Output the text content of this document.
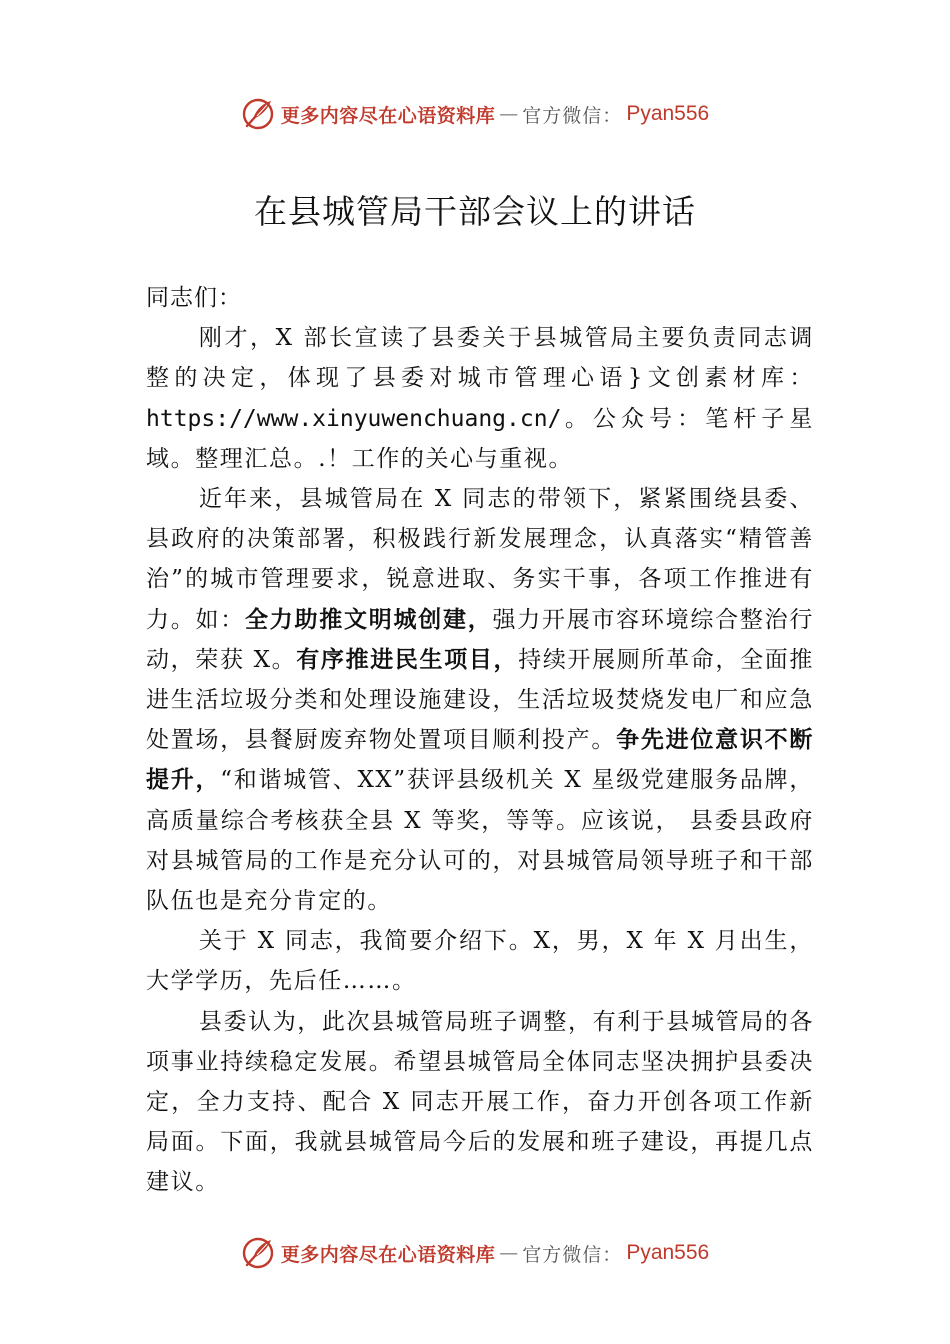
更多内容尽在心语资料库 — 官方微信： Pyan556
在县城管局干部会议上的讲话

同志们：

刚才，X 部长宣读了县委关于县城管局主要负责同志调整的决定，体现了县委对城市管理心语}文创素材库：https://www.xinyuwenchuang.cn/。公众号：笔杆子星域。整理汇总。.！工作的关心与重视。

近年来，县城管局在 X 同志的带领下，紧紧围绕县委、县政府的决策部署，积极践行新发展理念，认真落实“精管善治”的城市管理要求，锐意进取、务实干事，各项工作推进有力。如：全力助推文明城创建，强力开展市容环境综合整治行动，荣获 X。有序推进民生项目，持续开展厕所革命，全面推进生活垃圾分类和处理设施建设，生活垃圾焚烧发电厂和应急处置场，县餐厨废弃物处置项目顺利投产。争先进位意识不断提升，“和谐城管、XX”获评县级机关 X 星级党建服务品牌，高质量综合考核获全县 X 等奖，等等。应该说， 县委县政府对县城管局的工作是充分认可的，对县城管局领导班子和干部队伍也是充分肯定的。

关于 X 同志，我简要介绍下。X，男，X 年 X 月出生，大学学历，先后任……。

县委认为，此次县城管局班子调整，有利于县城管局的各项事业持续稳定发展。希望县城管局全体同志坚决拥护县委决定，全力支持、配合 X 同志开展工作，奋力开创各项工作新局面。下面，我就县城管局今后的发展和班子建设，再提几点建议。

更多内容尽在心语资料库 — 官方微信： Pyan556
